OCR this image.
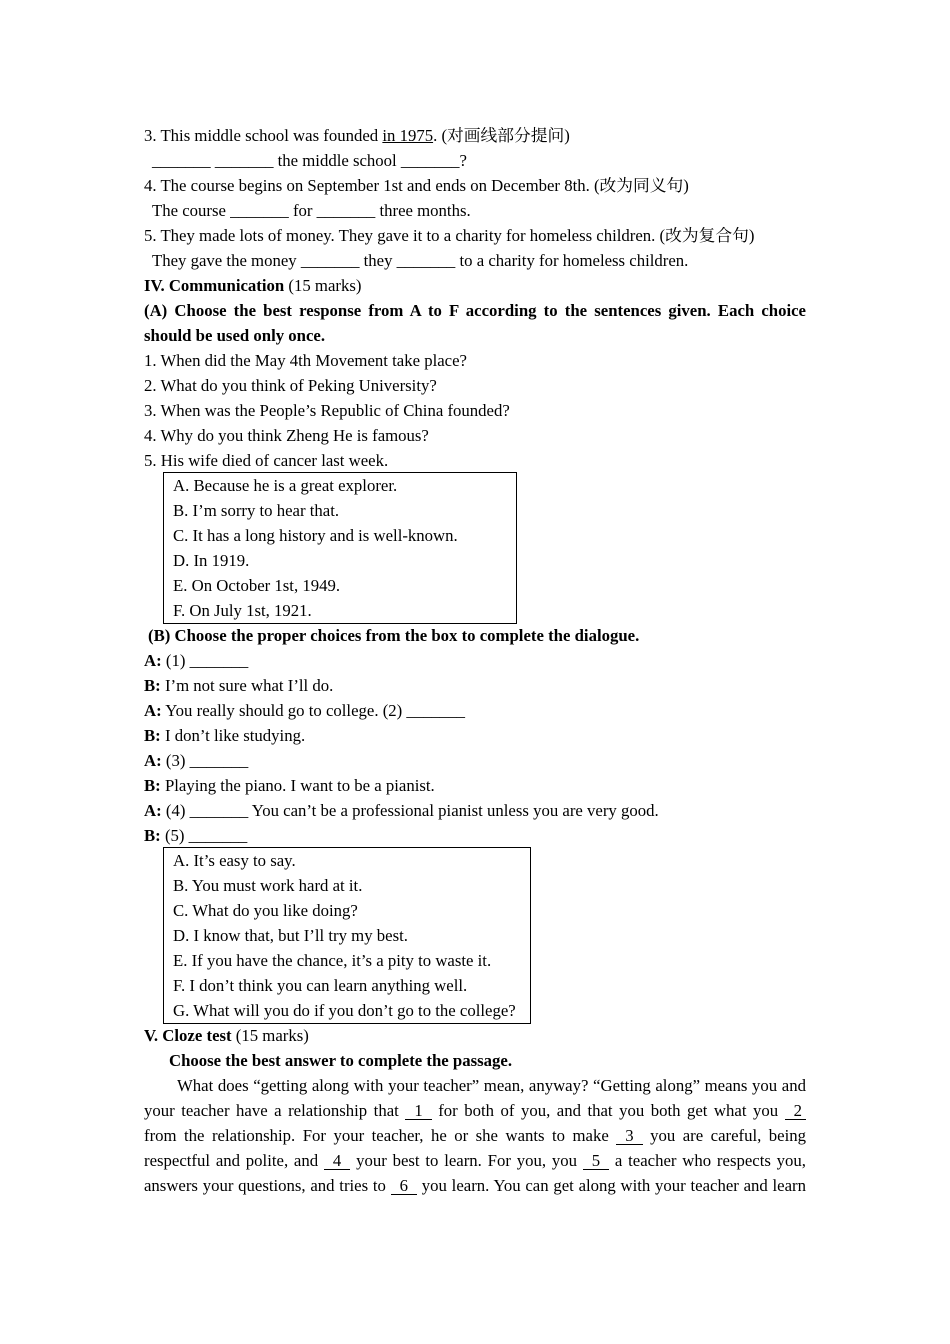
3. This middle school was founded in 1975. (对画线部分提问)
_______ _______ the middle school _______?
4. The course begins on September 1st and ends on December 8th. (改为同义句)
The course _______ for _______ three months.
5. They made lots of money. They gave it to a charity for homeless children. (改为复合句)
They gave the money _______ they _______ to a charity for homeless children.
IV. Communication (15 marks)
(A) Choose the best response from A to F according to the sentences given. Each choice
should be used only once.
1. When did the May 4th Movement take place?
2. What do you think of Peking University?
3. When was the People’s Republic of China founded?
4. Why do you think Zheng He is famous?
5. His wife died of cancer last week.
A. Because he is a great explorer.
B. I’m sorry to hear that.
C. It has a long history and is well-known.
D. In 1919.
E. On October 1st, 1949.
F. On July 1st, 1921.
(B) Choose the proper choices from the box to complete the dialogue.
A: (1) _______
B: I’m not sure what I’ll do.
A: You really should go to college. (2) _______
B: I don’t like studying.
A: (3) _______
B: Playing the piano. I want to be a pianist.
A: (4) _______ You can’t be a professional pianist unless you are very good.
B: (5) _______
A. It’s easy to say.
B. You must work hard at it.
C. What do you like doing?
D. I know that, but I’ll try my best.
E. If you have the chance, it’s a pity to waste it.
F. I don’t think you can learn anything well.
G. What will you do if you don’t go to the college?
V. Cloze test (15 marks)
Choose the best answer to complete the passage.
What does “getting along with your teacher” mean, anyway? “Getting along” means you and
your teacher have a relationship that 1 for both of you, and that you both get what you 2
from the relationship. For your teacher, he or she wants to make 3 you are careful, being
respectful and polite, and 4 your best to learn. For you, you 5 a teacher who respects you,
answers your questions, and tries to 6 you learn. You can get along with your teacher and learn
